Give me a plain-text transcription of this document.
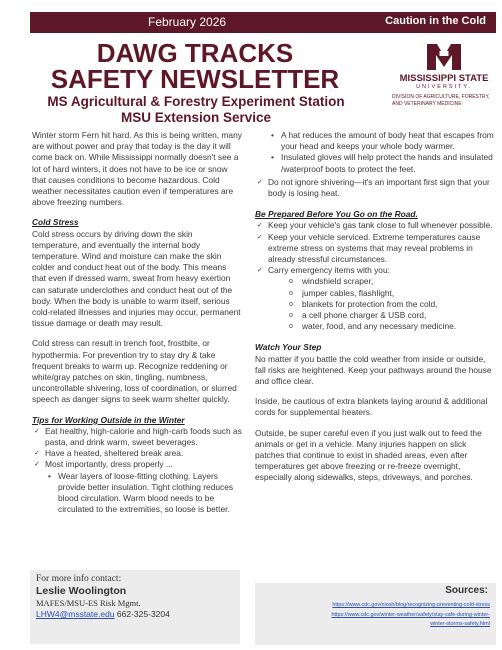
February 2026	Caution in the Cold
DAWG TRACKS
SAFETY NEWSLETTER
MS Agricultural & Forestry Experiment Station
MSU Extension Service
MISSISSIPPI STATE
UNIVERSITY.
DIVISION OF AGRICULTURE, FORESTRY, AND VETERINARY MEDICINE

Winter storm Fern hit hard. As this is being written, many are without power and pray that today is the day it will come back on. While Mississippi normally doesn't see a lot of hard winters, it does not have to be ice or snow that causes conditions to become hazardous. Cold weather necessitates caution even if temperatures are above freezing numbers.

Cold Stress

Cold stress occurs by driving down the skin temperature, and eventually the internal body temperature. Wind and moisture can make the skin colder and conduct heat out of the body. This means that even if dressed warm, sweat from heavy exertion can saturate underclothes and conduct heat out of the body. When the body is unable to warm itself, serious cold-related illnesses and injuries may occur, permanent tissue damage or death may result.

Cold stress can result in trench foot, frostbite, or hypothermia. For prevention try to stay dry & take frequent breaks to warm up. Recognize reddening or white/gray patches on skin, tingling, numbness, uncontrollable shivering, loss of coordination, or slurred speech as danger signs to seek warm shelter quickly.

Tips for Working Outside in the Winter
✓ Eat healthy, high-calorie and high-carb foods such as pasta, and drink warm, sweet beverages.
✓ Have a heated, sheltered break area.
✓ Most importantly, dress properly ...
• Wear layers of loose-fitting clothing. Layers provide better insulation. Tight clothing reduces blood circulation. Warm blood needs to be circulated to the extremities, so loose is better.
• A hat reduces the amount of body heat that escapes from your head and keeps your whole body warmer.
• Insulated gloves will help protect the hands and insulated /waterproof boots to protect the feet.
✓ Do not ignore shivering—it's an important first sign that your body is losing heat.
Be Prepared Before You Go on the Road.
✓ Keep your vehicle's gas tank close to full whenever possible.
✓ Keep your vehicle serviced. Extreme temperatures cause extreme stress on systems that may reveal problems in already stressful circumstances.
✓ Carry emergency items with you:
o windshield scraper,
o jumper cables, flashlight,
o blankets for protection from the cold,
o a cell phone charger & USB cord,
o water, food, and any necessary medicine.
Watch Your Step

No matter if you battle the cold weather from inside or outside, fall risks are heightened. Keep your pathways around the house and office clear.

Inside, be cautious of extra blankets laying around & additional cords for supplemental heaters.

Outside, be super careful even if you just walk out to feed the animals or get in a vehicle. Many injuries happen on slick patches that continue to exist in shaded areas, even after temperatures get above freezing or re-freeze overnight, especially along sidewalks, steps, driveways, and porches.

For more info contact:
Leslie Woolington
MAFES/MSU-ES Risk Mgmt.
LHW4@msstate.edu 662-325-3204
Sources:
https://www.cdc.gov/niosh/blog/recognizing-preventing-cold-stress
https://www.cdc.gov/winter-weather/safety/stay-safe-during-winter-
winter-storms-safety.html
